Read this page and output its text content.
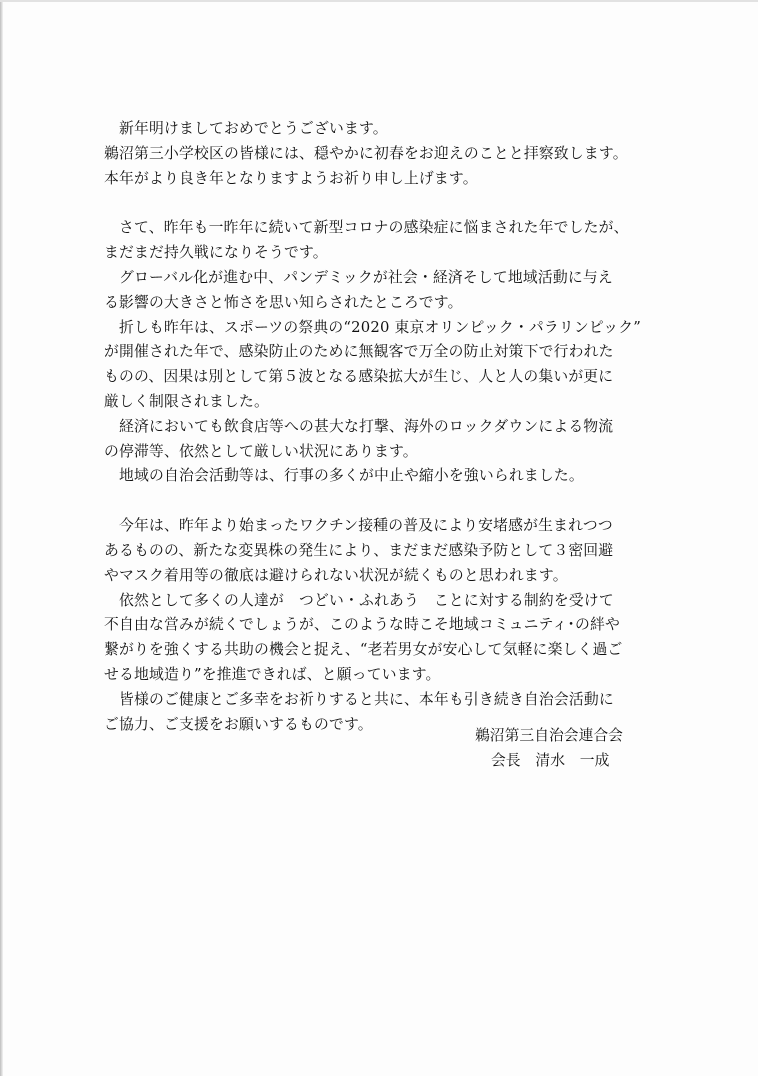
　新年明けましておめでとうございます。
鵜沼第三小学校区の皆様には、穏やかに初春をお迎えのことと拝察致します。
本年がより良き年となりますようお祈り申し上げます。
　さて、昨年も一昨年に続いて新型コロナの感染症に悩まされた年でしたが、
まだまだ持久戦になりそうです。
　グローバル化が進む中、パンデミックが社会・経済そして地域活動に与え
る影響の大きさと怖さを思い知らされたところです。
　折しも昨年は、スポーツの祭典の“2020 東京オリンピック・パラリンピック”
が開催された年で、感染防止のために無観客で万全の防止対策下で行われた
ものの、因果は別として第５波となる感染拡大が生じ、人と人の集いが更に
厳しく制限されました。
　経済においても飲食店等への甚大な打撃、海外のロックダウンによる物流
の停滞等、依然として厳しい状況にあります。
　地域の自治会活動等は、行事の多くが中止や縮小を強いられました。
　今年は、昨年より始まったワクチン接種の普及により安堵感が生まれつつ
あるものの、新たな変異株の発生により、まだまだ感染予防として３密回避
やマスク着用等の徹底は避けられない状況が続くものと思われます。
　依然として多くの人達が　つどい・ふれあう　ことに対する制約を受けて
不自由な営みが続くでしょうが、このような時こそ地域コミュニティ･の絆や
繋がりを強くする共助の機会と捉え、“老若男女が安心して気軽に楽しく過ご
せる地域造り”を推進できれば、と願っています。
　皆様のご健康とご多幸をお祈りすると共に、本年も引き続き自治会活動に
ご協力、ご支援をお願いするものです。
鵜沼第三自治会連合会
会長　清水　一成
